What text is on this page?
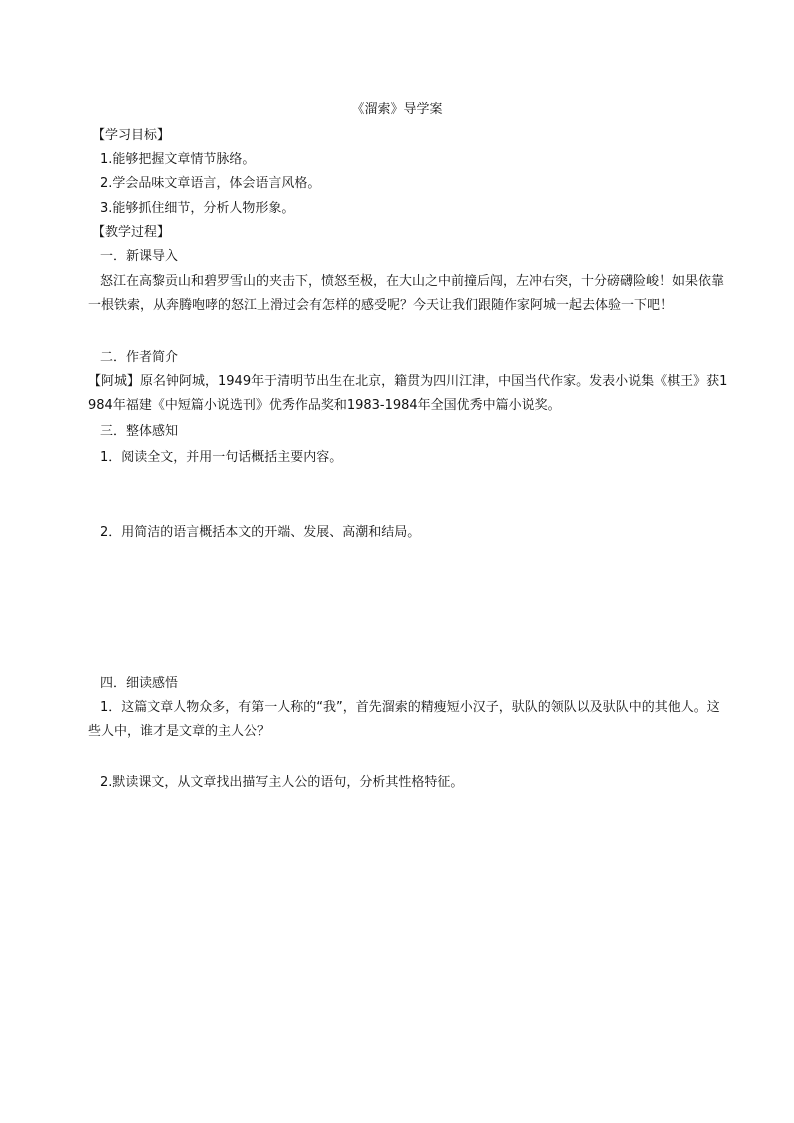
《溜索》导学案
【学习目标】
1.能够把握文章情节脉络。
2.学会品味文章语言，体会语言风格。
3.能够抓住细节，分析人物形象。
【教学过程】
一．新课导入
怒江在高黎贡山和碧罗雪山的夹击下，愤怒至极，在大山之中前撞后闯，左冲右突，十分磅礴险峻！如果依靠一根铁索，从奔腾咆哮的怒江上滑过会有怎样的感受呢？今天让我们跟随作家阿城一起去体验一下吧！
二．作者简介
【阿城】原名钟阿城，1949年于清明节出生在北京，籍贯为四川江津，中国当代作家。发表小说集《棋王》获1984年福建《中短篇小说选刊》优秀作品奖和1983-1984年全国优秀中篇小说奖。
三．整体感知
1．阅读全文，并用一句话概括主要内容。
2．用简洁的语言概括本文的开端、发展、高潮和结局。
四．细读感悟
1．这篇文章人物众多，有第一人称的“我”，首先溜索的精瘦短小汉子，驮队的领队以及驮队中的其他人。这些人中，谁才是文章的主人公？
2.默读课文，从文章找出描写主人公的语句，分析其性格特征。
